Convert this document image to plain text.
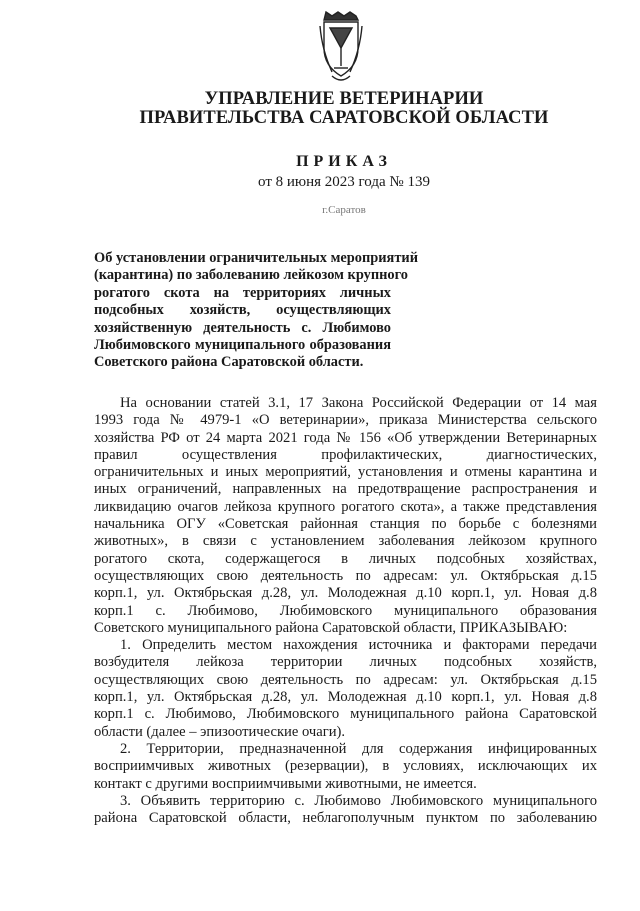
УПРАВЛЕНИЕ ВЕТЕРИНАРИИ
ПРАВИТЕЛЬСТВА САРАТОВСКОЙ ОБЛАСТИ
ПРИКАЗ
от 8 июня 2023 года № 139
г.Саратов
Об установлении ограничительных мероприятий
(карантина) по заболеванию лейкозом крупного
рогатого скота на территориях личных
подсобных хозяйств, осуществляющих
хозяйственную деятельность с. Любимово
Любимовского муниципального образования
Советского района Саратовской области.
На основании статей 3.1, 17 Закона Российской Федерации от 14 мая
1993 года № 4979-1 «О ветеринарии», приказа Министерства сельского
хозяйства РФ от 24 марта 2021 года № 156 «Об утверждении Ветеринарных
правил осуществления профилактических, диагностических,
ограничительных и иных мероприятий, установления и отмены карантина и
иных ограничений, направленных на предотвращение распространения и
ликвидацию очагов лейкоза крупного рогатого скота», а также представления
начальника ОГУ «Советская районная станция по борьбе с болезнями
животных», в связи с установлением заболевания лейкозом крупного
рогатого скота, содержащегося в личных подсобных хозяйствах,
осуществляющих свою деятельность по адресам: ул. Октябрьская д.15
корп.1, ул. Октябрьская д.28, ул. Молодежная д.10 корп.1, ул. Новая д.8
корп.1 с. Любимово, Любимовского муниципального образования
Советского муниципального района Саратовской области, ПРИКАЗЫВАЮ:
1. Определить местом нахождения источника и факторами передачи
возбудителя лейкоза территории личных подсобных хозяйств,
осуществляющих свою деятельность по адресам: ул. Октябрьская д.15
корп.1, ул. Октябрьская д.28, ул. Молодежная д.10 корп.1, ул. Новая д.8
корп.1 с. Любимово, Любимовского муниципального района Саратовской
области (далее – эпизоотические очаги).
2. Территории, предназначенной для содержания инфицированных
восприимчивых животных (резервации), в условиях, исключающих их
контакт с другими восприимчивыми животными, не имеется.
3. Объявить территорию с. Любимово Любимовского муниципального
района Саратовской области, неблагополучным пунктом по заболеванию
